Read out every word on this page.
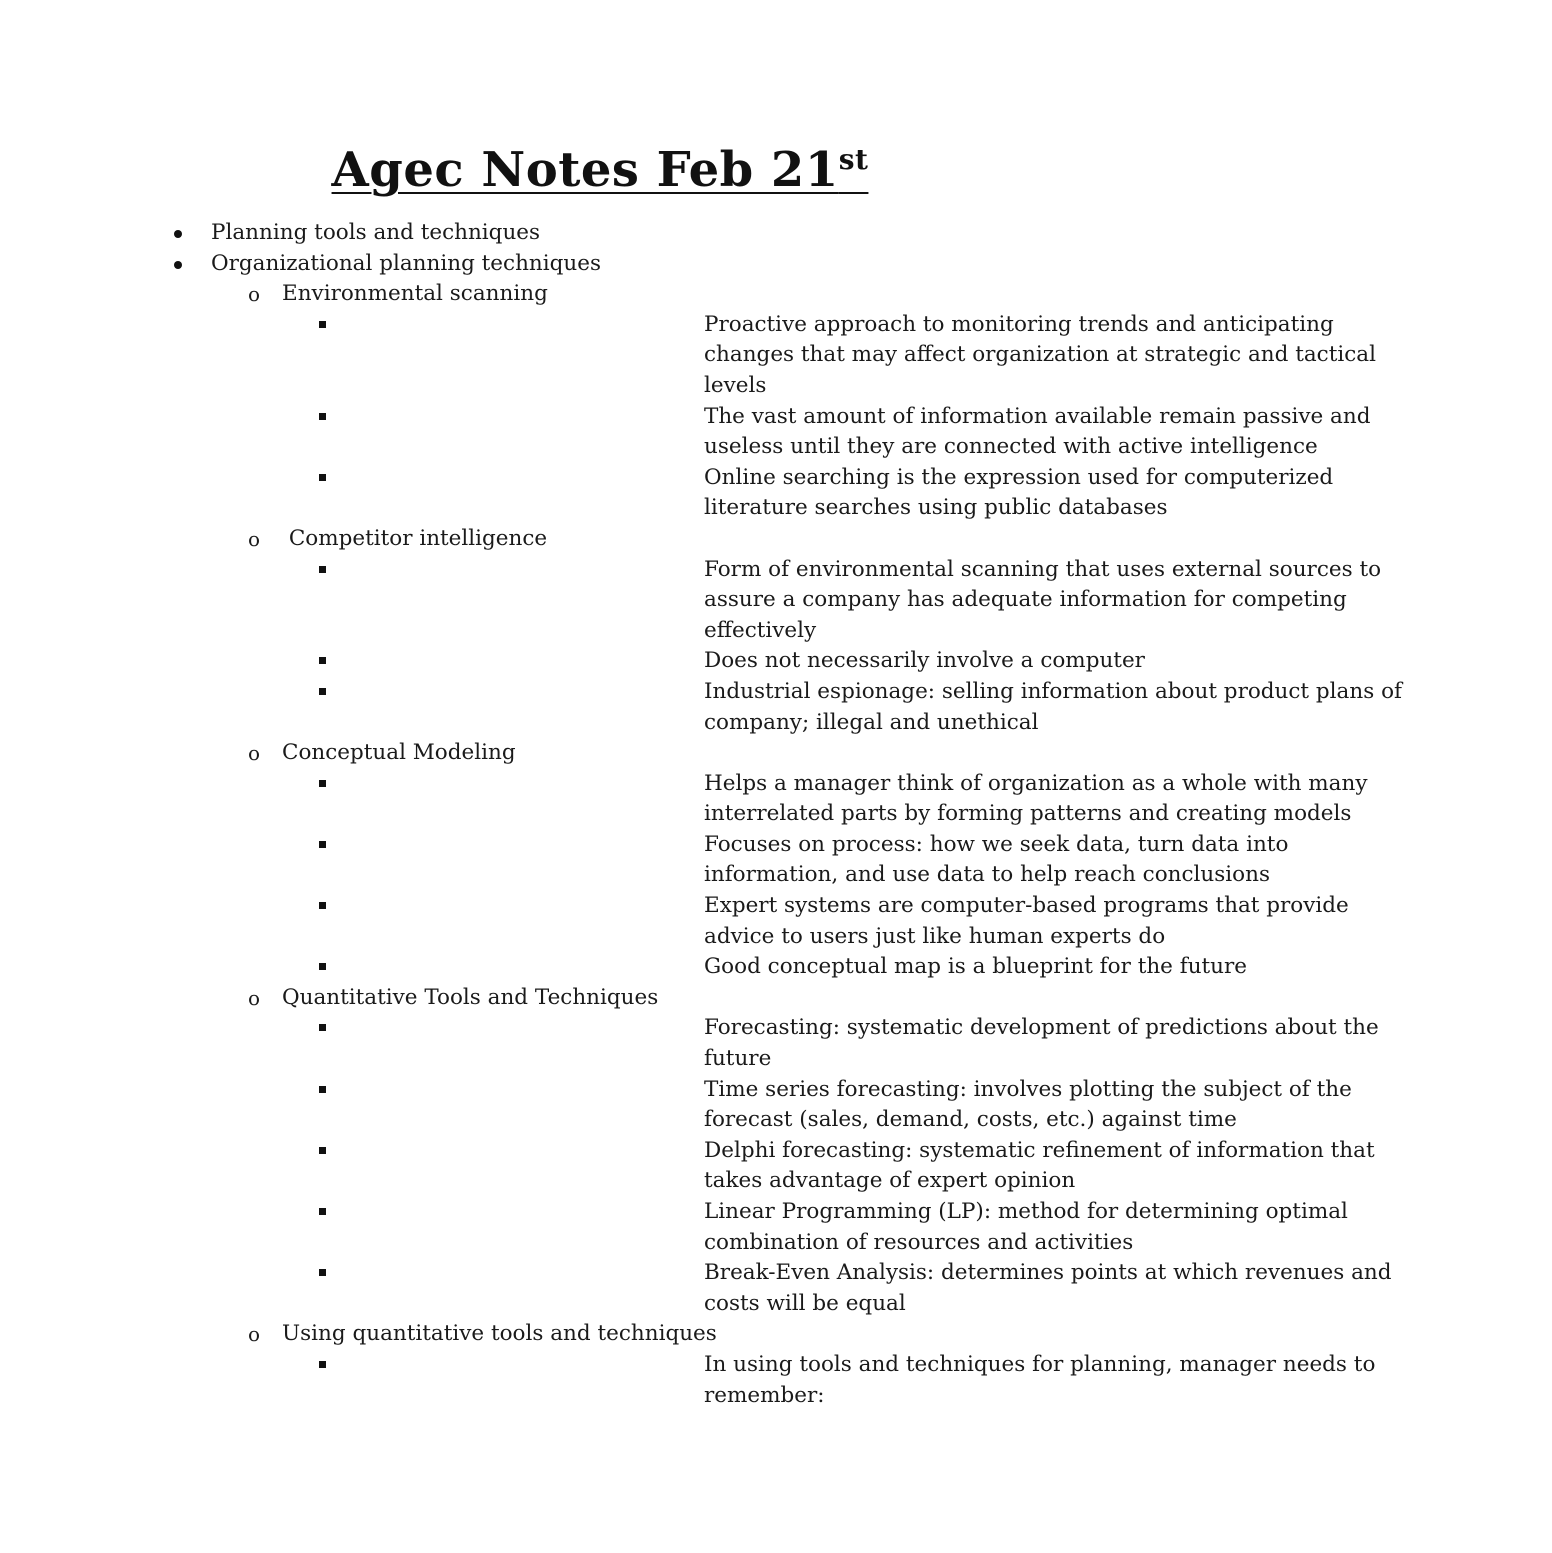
Agec Notes Feb 21st
Planning tools and techniques
Organizational planning techniques
o Environmental scanning
Proactive approach to monitoring trends and anticipating
changes that may affect organization at strategic and tactical
levels
The vast amount of information available remain passive and
useless until they are connected with active intelligence
Online searching is the expression used for computerized
literature searches using public databases
o Competitor intelligence
Form of environmental scanning that uses external sources to
assure a company has adequate information for competing
effectively
Does not necessarily involve a computer
Industrial espionage: selling information about product plans of
company; illegal and unethical
o Conceptual Modeling
Helps a manager think of organization as a whole with many
interrelated parts by forming patterns and creating models
Focuses on process: how we seek data, turn data into
information, and use data to help reach conclusions
Expert systems are computer-based programs that provide
advice to users just like human experts do
Good conceptual map is a blueprint for the future
o Quantitative Tools and Techniques
Forecasting: systematic development of predictions about the
future
Time series forecasting: involves plotting the subject of the
forecast (sales, demand, costs, etc.) against time
Delphi forecasting: systematic refinement of information that
takes advantage of expert opinion
Linear Programming (LP): method for determining optimal
combination of resources and activities
Break-Even Analysis: determines points at which revenues and
costs will be equal
o Using quantitative tools and techniques
In using tools and techniques for planning, manager needs to
remember:
